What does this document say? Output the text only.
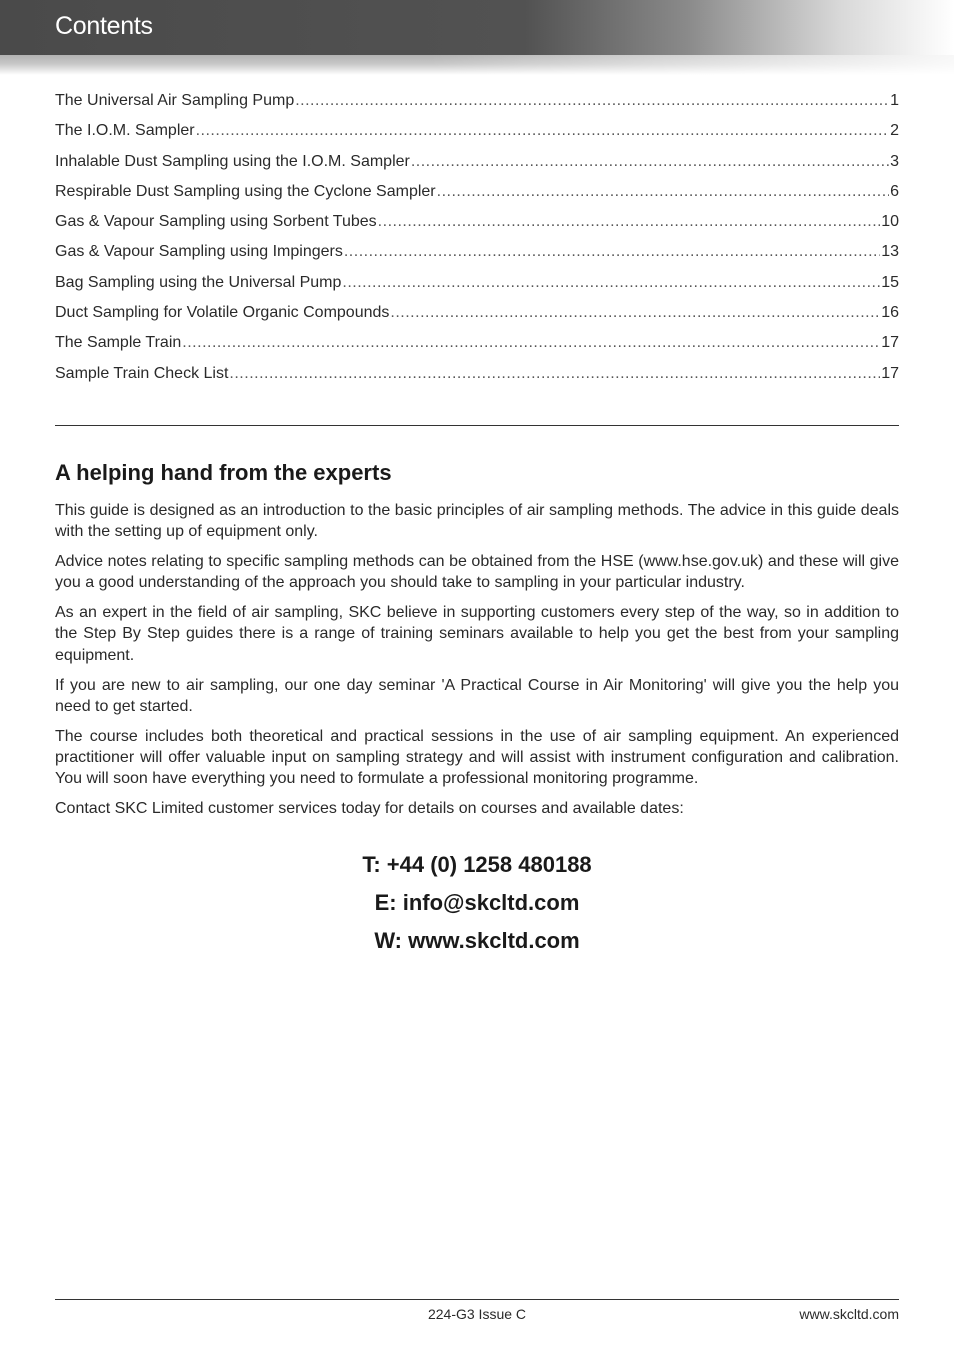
Contents
The Universal Air Sampling Pump .....	1
The I.O.M. Sampler .....	2
Inhalable Dust Sampling using the I.O.M. Sampler .....	3
Respirable Dust Sampling using the Cyclone Sampler .....	6
Gas & Vapour Sampling using Sorbent Tubes .....	10
Gas & Vapour Sampling using Impingers .....	13
Bag Sampling using the Universal Pump .....	15
Duct Sampling for Volatile Organic Compounds .....	16
The Sample Train .....	17
Sample Train Check List .....	17
A helping hand from the experts

This guide is designed as an introduction to the basic principles of air sampling methods. The advice in this guide deals with the setting up of equipment only.

Advice notes relating to specific sampling methods can be obtained from the HSE (www.hse.gov.uk) and these will give you a good understanding of the approach you should take to sampling in your particular industry.

As an expert in the field of air sampling, SKC believe in supporting customers every step of the way, so in addition to the Step By Step guides there is a range of training seminars available to help you get the best from your sampling equipment.

If you are new to air sampling, our one day seminar 'A Practical Course in Air Monitoring' will give you the help you need to get started.

The course includes both theoretical and practical sessions in the use of air sampling equipment. An experienced practitioner will offer valuable input on sampling strategy and will assist with instrument configuration and calibration. You will soon have everything you need to formulate a professional monitoring programme.

Contact SKC Limited customer services today for details on courses and available dates:

T: +44 (0) 1258 480188
E: info@skcltd.com
W: www.skcltd.com
224-G3 Issue C	www.skcltd.com
